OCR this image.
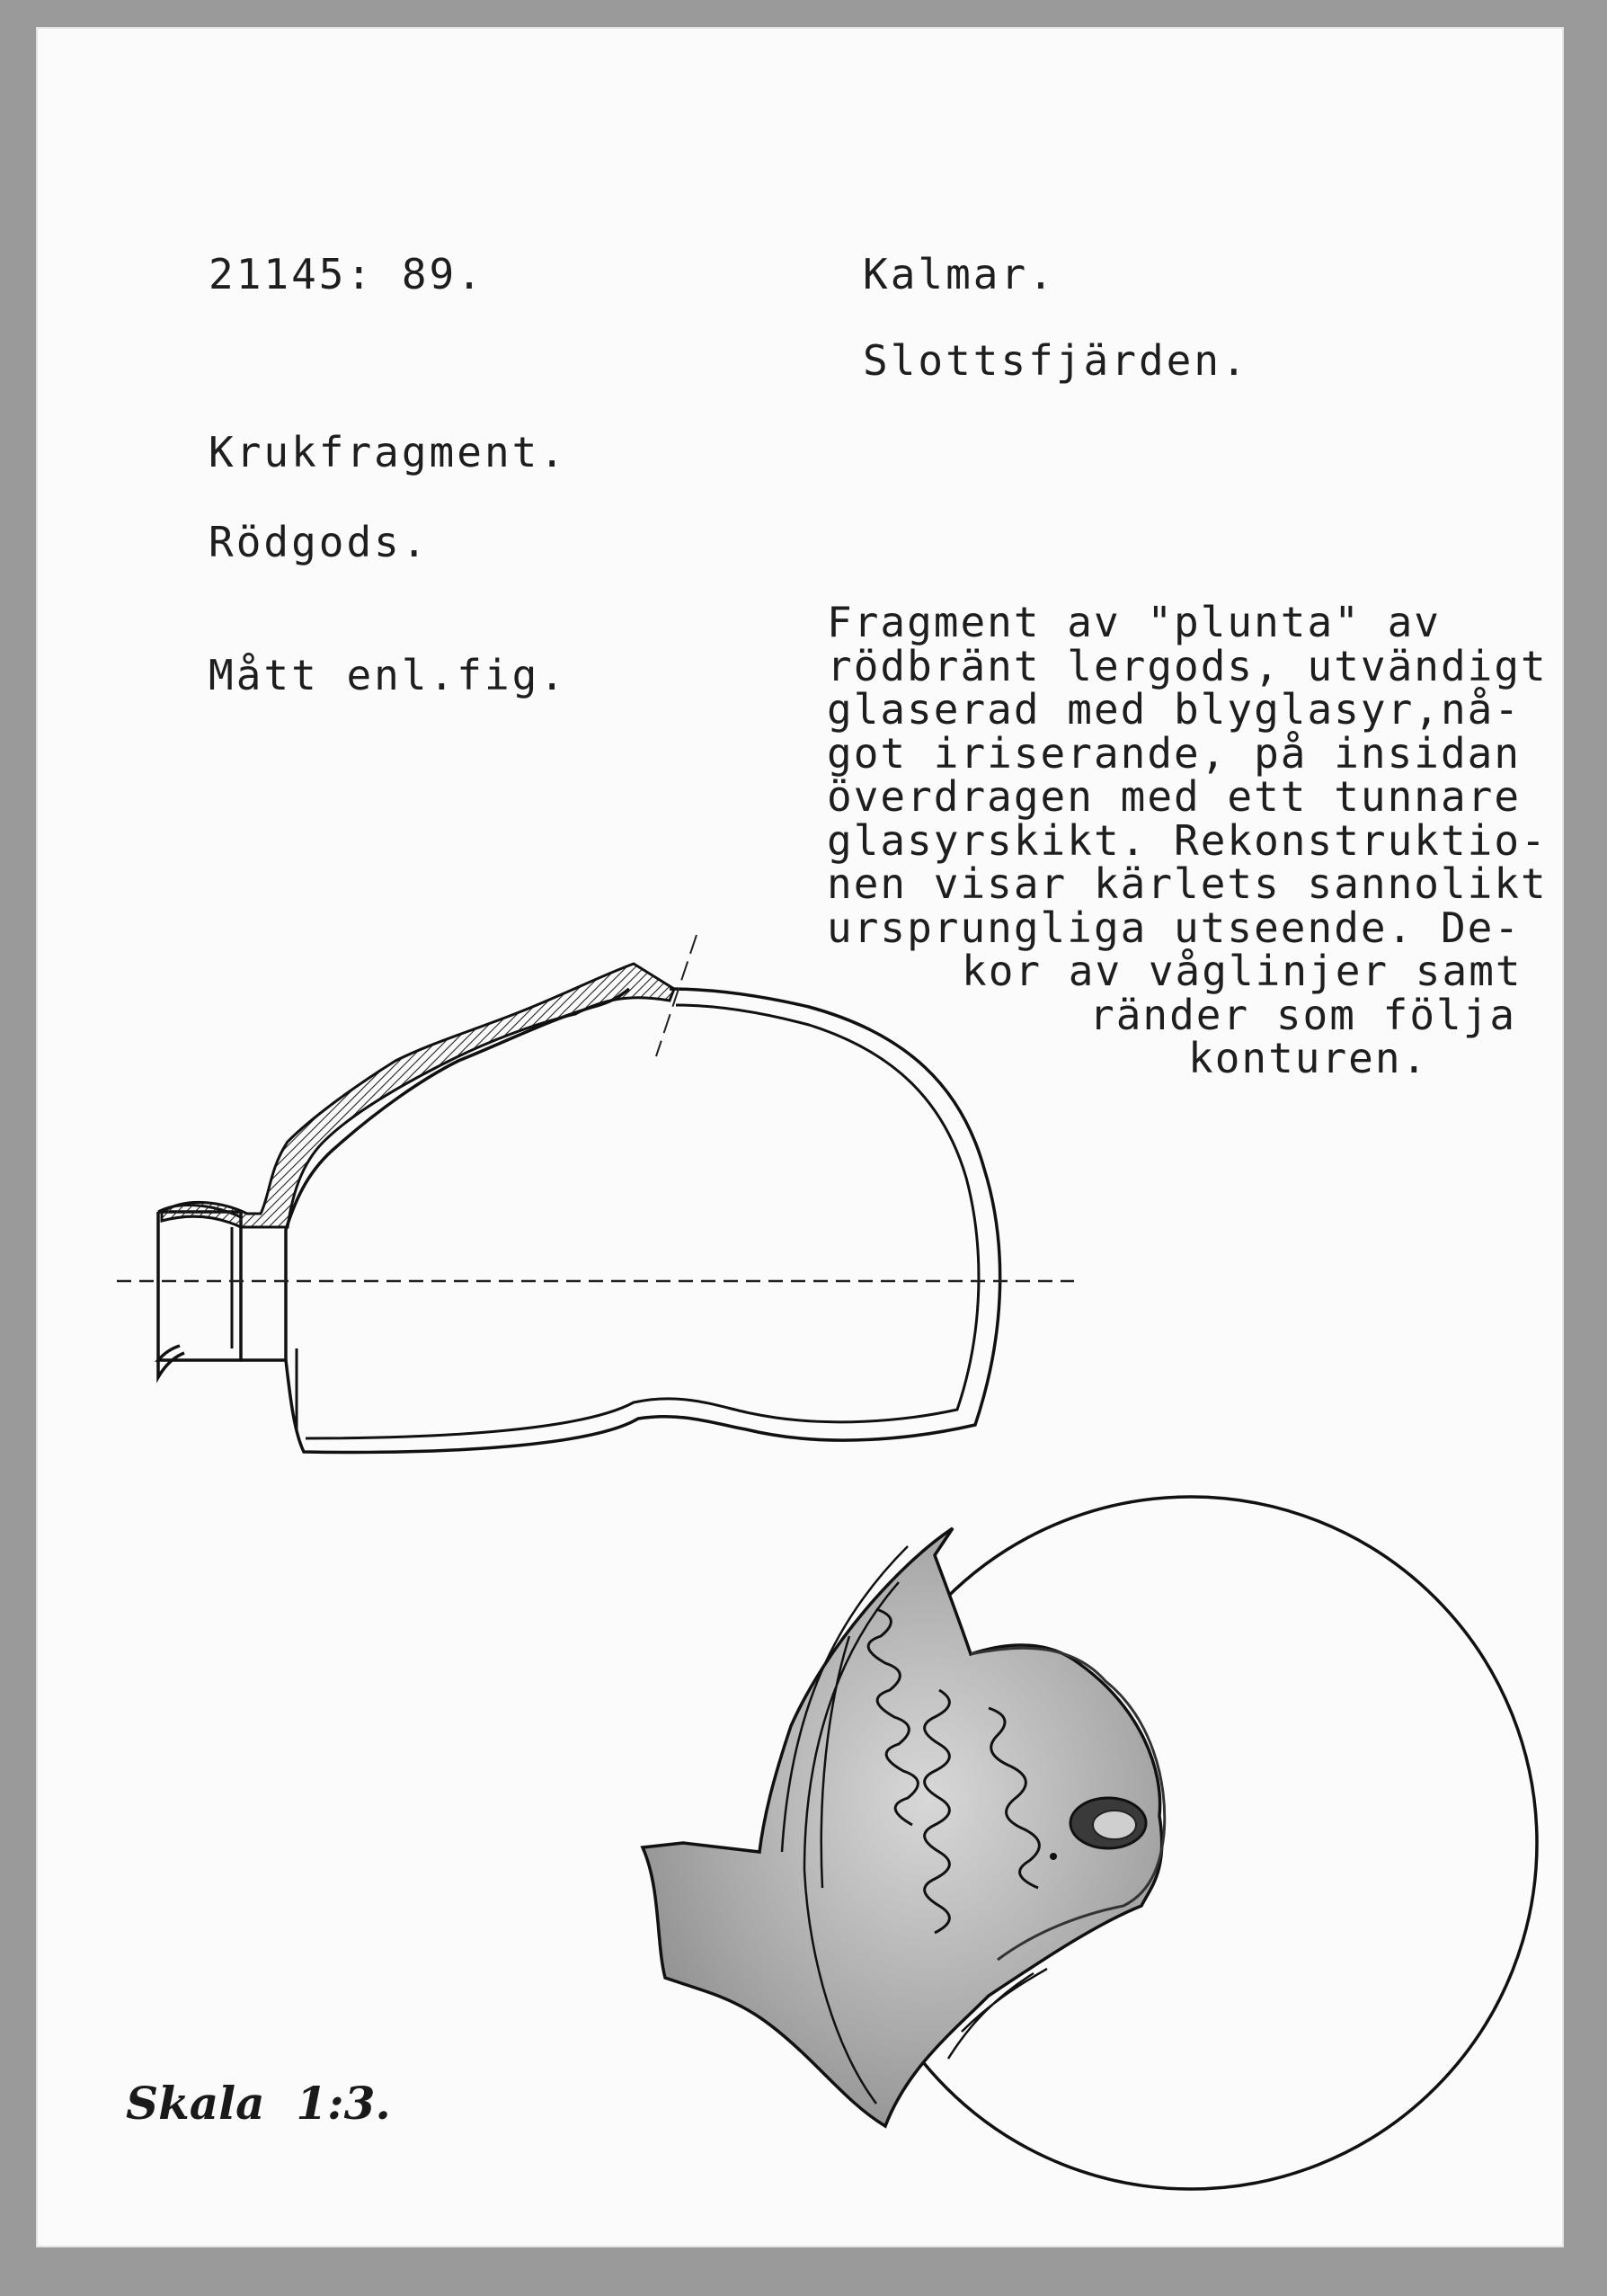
21145: 89.	Kalmar.
Slottsfjärden.
Krukfragment.
Rödgods.
Mått enl.fig.
Fragment av "plunta" av
rödbränt lergods, utvändigt
glaserad med blyglasyr,nå-
got iriserande, på insidan
överdragen med ett tunnare
glasyrskikt. Rekonstruktio-
nen visar kärlets sannolikt
ursprungliga utseende. De-
kor av våglinjer samt
ränder som följa
konturen.
Skala  1:3.
